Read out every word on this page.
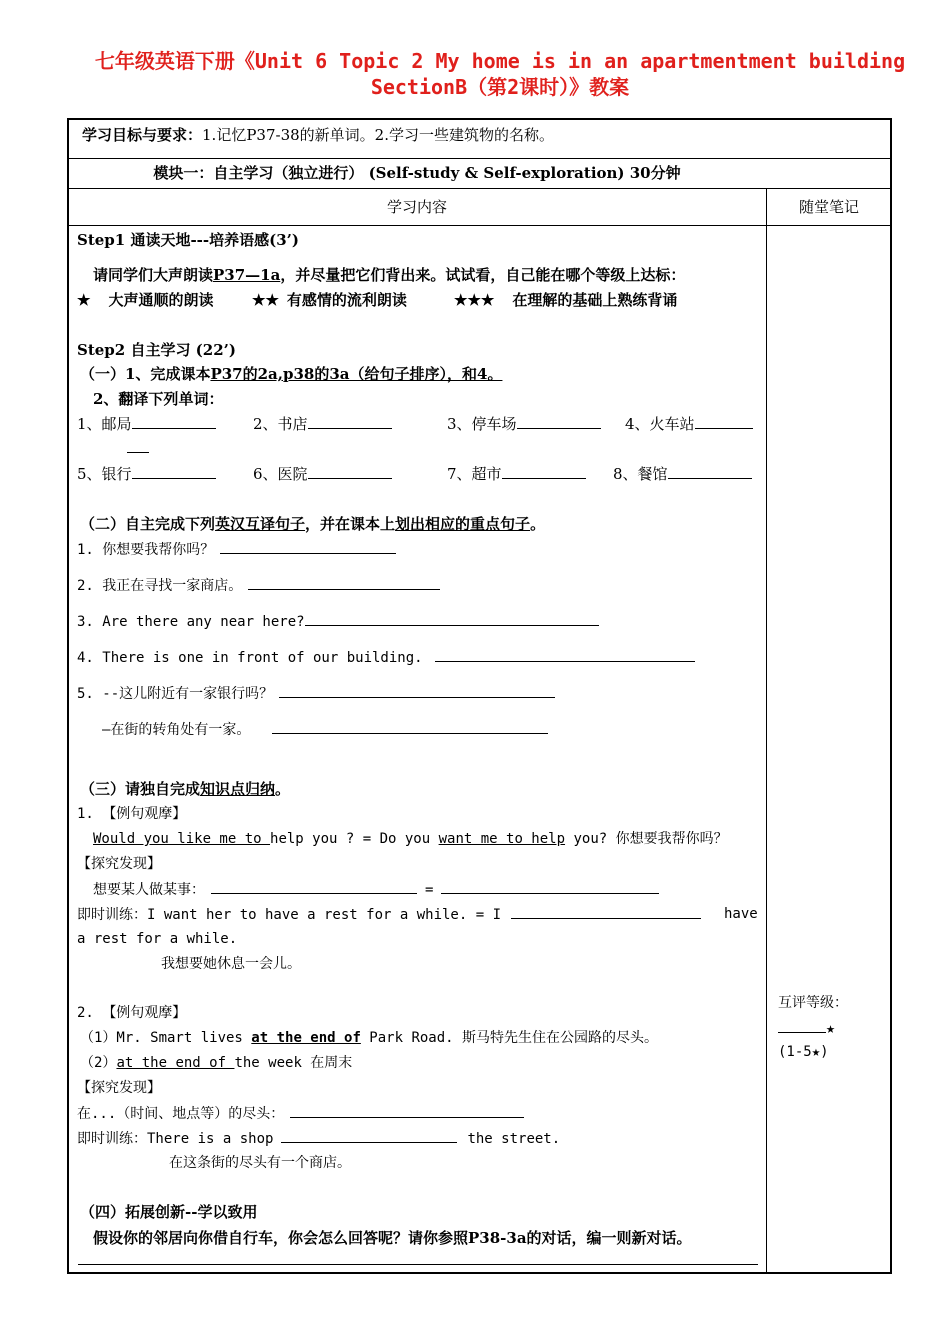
七年级英语下册《Unit 6 Topic 2 My home is in an apartmentment building
SectionB（第2课时）》教案
学习目标与要求：1.记忆P37-38的新单词。2.学习一些建筑物的名称。
模块一：自主学习（独立进行） (Self-study & Self-exploration) 30分钟
学习内容	随堂笔记
Step1 通读天地---培养语感(3’)
请同学们大声朗读P37—1a，并尽量把它们背出来。试试看，自己能在哪个等级上达标：
★ 大声通顺的朗读	★★ 有感情的流利朗读	★★★ 在理解的基础上熟练背诵
Step2 自主学习 (22’)
（一）1、完成课本P37的2a,p38的3a（给句子排序），和4。
2、翻译下列单词：
1、邮局	2、书店	3、停车场	4、火车站
5、银行	6、医院	7、超市	8、餐馆
（二）自主完成下列英汉互译句子，并在课本上划出相应的重点句子。
1. 你想要我帮你吗？
2. 我正在寻找一家商店。
3. Are there any near here?
4. There is one in front of our building.
5. --这儿附近有一家银行吗？
—在街的转角处有一家。
（三）请独自完成知识点归纳。
1. 【例句观摩】
Would you like me to help you ? = Do you want me to help you? 你想要我帮你吗？
【探究发现】
想要某人做某事：	=
即时训练：I want her to have a rest for a while. = I	have
a rest for a while.
我想要她休息一会儿。
2. 【例句观摩】
（1）Mr. Smart lives at the end of Park Road. 斯马特先生住在公园路的尽头。
（2）at the end of the week 在周末
【探究发现】
在...（时间、地点等）的尽头：
即时训练：There is a shop	the street.
在这条街的尽头有一个商店。
（四）拓展创新--学以致用
假设你的邻居向你借自行车，你会怎么回答呢？请你参照P38-3a的对话，编一则新对话。
互评等级：
★
(1-5★)
